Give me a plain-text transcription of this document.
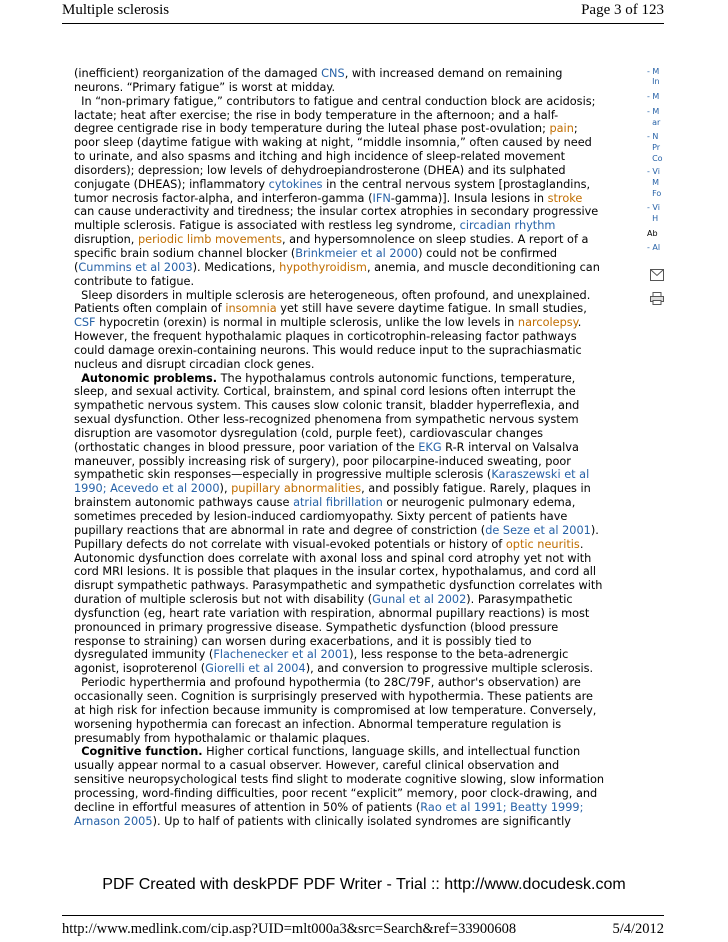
Multiple sclerosis	Page 3 of 123
(inefficient) reorganization of the damaged CNS, with increased demand on remaining
neurons. “Primary fatigue” is worst at midday.
In “non-primary fatigue,” contributors to fatigue and central conduction block are acidosis;
lactate; heat after exercise; the rise in body temperature in the afternoon; and a half-
degree centigrade rise in body temperature during the luteal phase post-ovulation; pain;
poor sleep (daytime fatigue with waking at night, “middle insomnia,” often caused by need
to urinate, and also spasms and itching and high incidence of sleep-related movement
disorders); depression; low levels of dehydroepiandrosterone (DHEA) and its sulphated
conjugate (DHEAS); inflammatory cytokines in the central nervous system [prostaglandins,
tumor necrosis factor-alpha, and interferon-gamma (IFN-gamma)]. Insula lesions in stroke
can cause underactivity and tiredness; the insular cortex atrophies in secondary progressive
multiple sclerosis. Fatigue is associated with restless leg syndrome, circadian rhythm
disruption, periodic limb movements, and hypersomnolence on sleep studies. A report of a
specific brain sodium channel blocker (Brinkmeier et al 2000) could not be confirmed
(Cummins et al 2003). Medications, hypothyroidism, anemia, and muscle deconditioning can
contribute to fatigue.
Sleep disorders in multiple sclerosis are heterogeneous, often profound, and unexplained.
Patients often complain of insomnia yet still have severe daytime fatigue. In small studies,
CSF hypocretin (orexin) is normal in multiple sclerosis, unlike the low levels in narcolepsy.
However, the frequent hypothalamic plaques in corticotrophin-releasing factor pathways
could damage orexin-containing neurons. This would reduce input to the suprachiasmatic
nucleus and disrupt circadian clock genes.
Autonomic problems. The hypothalamus controls autonomic functions, temperature,
sleep, and sexual activity. Cortical, brainstem, and spinal cord lesions often interrupt the
sympathetic nervous system. This causes slow colonic transit, bladder hyperreflexia, and
sexual dysfunction. Other less-recognized phenomena from sympathetic nervous system
disruption are vasomotor dysregulation (cold, purple feet), cardiovascular changes
(orthostatic changes in blood pressure, poor variation of the EKG R-R interval on Valsalva
maneuver, possibly increasing risk of surgery), poor pilocarpine-induced sweating, poor
sympathetic skin responses—especially in progressive multiple sclerosis (Karaszewski et al
1990; Acevedo et al 2000), pupillary abnormalities, and possibly fatigue. Rarely, plaques in
brainstem autonomic pathways cause atrial fibrillation or neurogenic pulmonary edema,
sometimes preceded by lesion-induced cardiomyopathy. Sixty percent of patients have
pupillary reactions that are abnormal in rate and degree of constriction (de Seze et al 2001).
Pupillary defects do not correlate with visual-evoked potentials or history of optic neuritis.
Autonomic dysfunction does correlate with axonal loss and spinal cord atrophy yet not with
cord MRI lesions. It is possible that plaques in the insular cortex, hypothalamus, and cord all
disrupt sympathetic pathways. Parasympathetic and sympathetic dysfunction correlates with
duration of multiple sclerosis but not with disability (Gunal et al 2002). Parasympathetic
dysfunction (eg, heart rate variation with respiration, abnormal pupillary reactions) is most
pronounced in primary progressive disease. Sympathetic dysfunction (blood pressure
response to straining) can worsen during exacerbations, and it is possibly tied to
dysregulated immunity (Flachenecker et al 2001), less response to the beta-adrenergic
agonist, isoproterenol (Giorelli et al 2004), and conversion to progressive multiple sclerosis.
Periodic hyperthermia and profound hypothermia (to 28C/79F, author's observation) are
occasionally seen. Cognition is surprisingly preserved with hypothermia. These patients are
at high risk for infection because immunity is compromised at low temperature. Conversely,
worsening hypothermia can forecast an infection. Abnormal temperature regulation is
presumably from hypothalamic or thalamic plaques.
Cognitive function. Higher cortical functions, language skills, and intellectual function
usually appear normal to a casual observer. However, careful clinical observation and
sensitive neuropsychological tests find slight to moderate cognitive slowing, slow information
processing, word-finding difficulties, poor recent “explicit” memory, poor clock-drawing, and
decline in effortful measures of attention in 50% of patients (Rao et al 1991; Beatty 1999;
Arnason 2005). Up to half of patients with clinically isolated syndromes are significantly
- M
In
- M
- M
ar
- N
Pr
Co
- Vi
M
Fo
- Vi
H
Ab
- Al
PDF Created with deskPDF PDF Writer - Trial :: http://www.docudesk.com
http://www.medlink.com/cip.asp?UID=mlt000a3&src=Search&ref=33900608	5/4/2012
